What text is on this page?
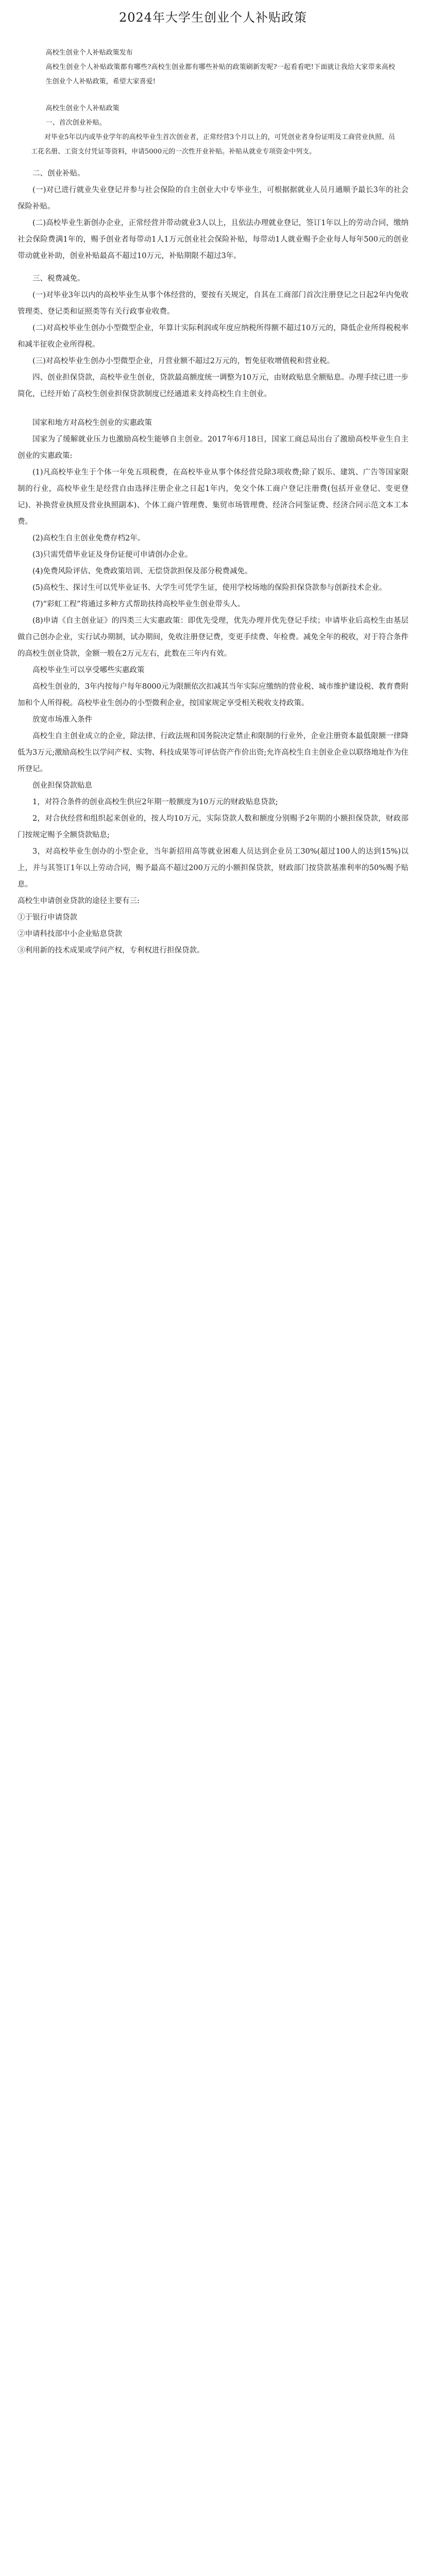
2024年大学生创业个人补贴政策

高校生创业个人补贴政策发布

高校生创业个人补贴政策都有哪些?高校生创业都有哪些补贴的政策刷新发呢?一起看看吧!下面就让我给大家带来高校生创业个人补贴政策，希望大家喜爱!

高校生创业个人补贴政策

一、首次创业补贴。

对毕业5年以内或毕业学年的高校毕业生首次创业者，正常经营3个月以上的，可凭创业者身份证明及工商营业执照、员工花名册、工资支付凭证等资料，申请5000元的一次性开业补贴。补贴从就业专项资金中列支。

二、创业补贴。

(一)对已进行就业失业登记并参与社会保险的自主创业大中专毕业生，可根据据就业人员月通顺予最长3年的社会保险补贴。

(二)高校毕业生新创办企业，正常经营并带动就业3人以上，且依法办理就业登记，签订1年以上的劳动合同，缴纳社会保险费满1年的，赐予创业者每带动1人1万元创业社会保险补贴，每带动1人就业赐予企业每人每年500元的创业带动就业补助，创业补贴最高不超过10万元，补贴期限不超过3年。

三、税费减免。

(一)对毕业3年以内的高校毕业生从事个体经营的，要按有关规定，自其在工商部门首次注册登记之日起2年内免收管理类、登记类和证照类等有关行政事业收费。

(二)对高校毕业生创办小型微型企业，年算计实际利润或年度应纳税所得额不超过10万元的，降低企业所得税税率和减半征收企业所得税。

(三)对高校毕业生创办小型微型企业，月营业额不超过2万元的，暂免征收增值税和营业税。

四、创业担保贷款，高校毕业生创业，贷款最高额度统一调整为10万元，由财政贴息全额贴息。办理手续已进一步简化，已经开始了高校生创业担保贷款制度已经通道来支持高校生自主创业。

国家和地方对高校生创业的实惠政策

国家为了缓解就业压力也激励高校生能够自主创业。2017年6月18日，国家工商总局出台了激励高校毕业生自主创业的实惠政策:

(1)凡高校毕业生于个体一年免五项税费，在高校毕业从事个体经营兑除3项收费;除了娱乐、建筑、广告等国家限制的行业，高校毕业生是经营自由选择注册企业之日起1年内，免交个体工商户登记注册费(包括开业登记、变更登记)、补换营业执照及营业执照副本)、个体工商户管理费、集贸市场管理费、经济合同鉴证费、经济合同示范文本工本费。

(2)高校生自主创业免费存档2年。

(3)只需凭借毕业证及身份证便可申请创办企业。

(4)免费风险评估、免费政策培训、无偿贷款担保及部分税费减免。

(5)高校生、探讨生可以凭毕业证书、大学生可凭学生证，使用学校场地的保险担保贷款参与创新技术企业。

(7)“彩虹工程”将通过多种方式帮助扶持高校毕业生创业带头人。

(8)申请《自主创业证》的四类三大实惠政策：即优先受理，优先办理并优先登记手续；申请毕业后高校生由基层做自己创办企业，实行试办期制，试办期间，免收注册登记费，变更手续费、年检费。减免全年的税收，对于符合条件的高校生创业贷款，金额一般在2万元左右，此数在三年内有效。

高校毕业生可以享受哪些实惠政策

高校生创业的，3年内按每户每年8000元为限额依次扣减其当年实际应缴纳的营业税、城市维护建设税、教育费附加和个人所得税。高校毕业生创办的小型微利企业，按国家规定享受相关税收支持政策。

放宽市场准入条件

高校生自主创业成立的企业，除法律、行政法规和国务院决定禁止和限制的行业外，企业注册资本最低限额一律降低为3万元;激励高校生以学问产权、实物、科技成果等可评估资产作价出资;允许高校生自主创业企业以联络地址作为住所登记。

创业担保贷款贴息

1，对符合条件的创业高校生供应2年期一般额度为10万元的财政贴息贷款;

2，对合伙经营和组织起来创业的，按人均10万元，实际贷款人数和额度分别赐予2年期的小额担保贷款，财政部门按规定赐予全额贷款贴息;

3，对高校毕业生创办的小型企业，当年新招用高等就业困难人员达到企业员工30%(超过100人的达到15%)以上，并与其签订1年以上劳动合同，赐予最高不超过200万元的小额担保贷款，财政部门按贷款基准利率的50%赐予贴息。

高校生申请创业贷款的途径主要有三:

①于银行申请贷款

②申请科技部中小企业贴息贷款

③利用新的技术成果或学问产权，专利权进行担保贷款。
